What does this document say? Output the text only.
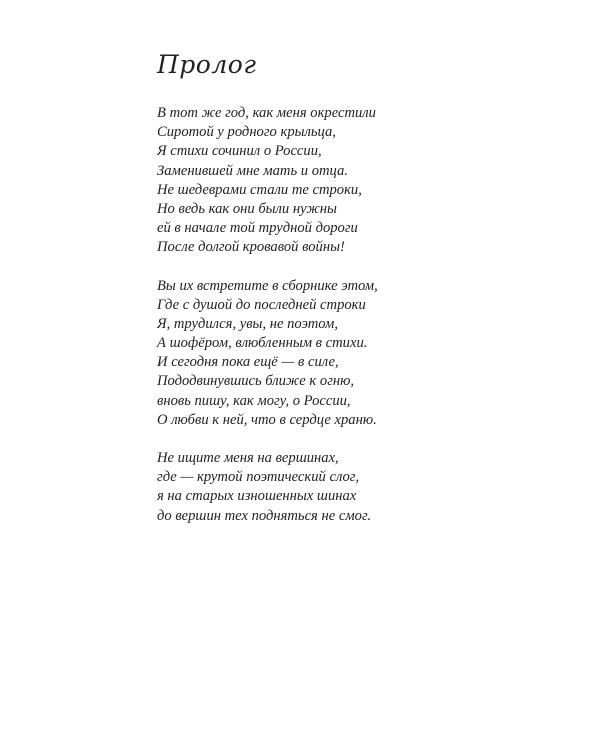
Пролог
В тот же год, как меня окрестили
Сиротой у родного крыльца,
Я стихи сочинил о России,
Заменившей мне мать и отца.
Не шедеврами стали те строки,
Но ведь как они были нужны
ей в начале той трудной дороги
После долгой кровавой войны!
Вы их встретите в сборнике этом,
Где с душой до последней строки
Я, трудился, увы, не поэтом,
А шофёром, влюбленным в стихи.
И сегодня пока ещё — в силе,
Пододвинувшись ближе к огню,
вновь пишу, как могу, о России,
О любви к ней, что в сердце храню.
Не ищите меня на вершинах,
где — крутой поэтический слог,
я на старых изношенных шинах
до вершин тех подняться не смог.
